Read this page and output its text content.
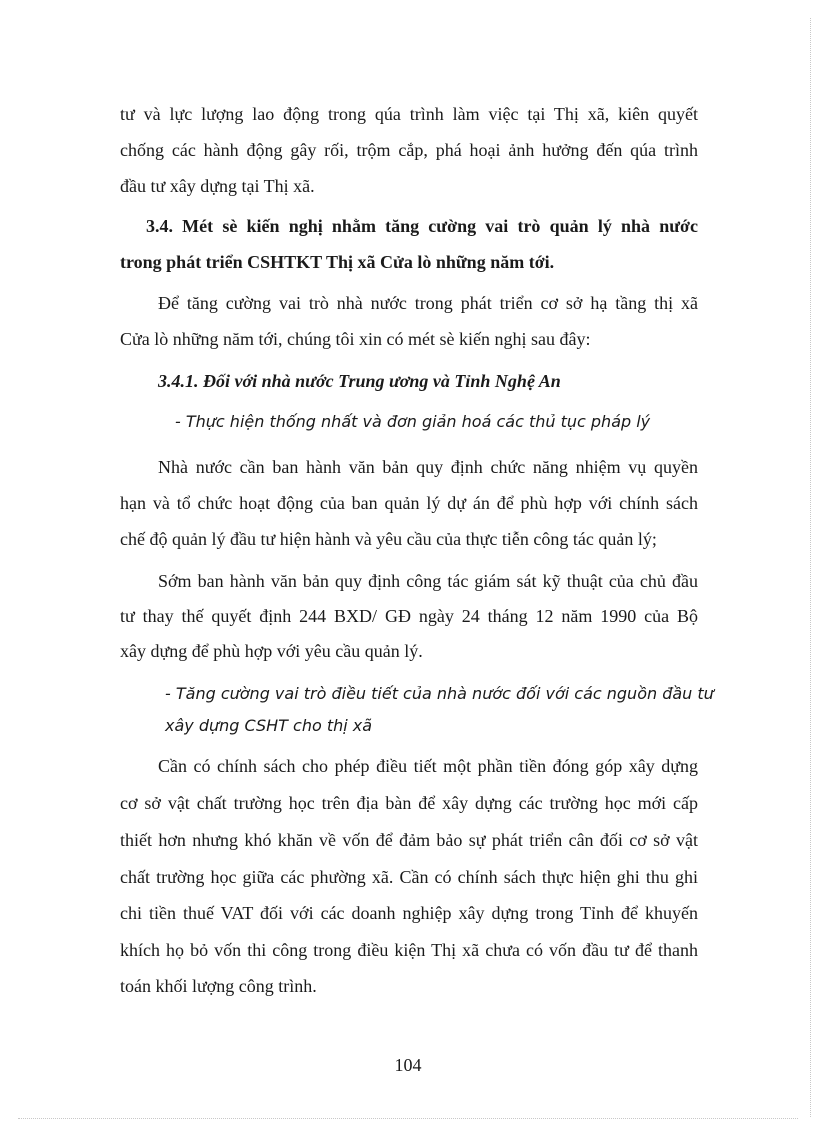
tư và lực lượng lao động trong qúa trình làm việc tại Thị xã, kiên quyết
chống các hành động gây rối, trộm cắp, phá hoại ảnh hưởng đến qúa trình
đầu tư xây dựng tại Thị xã.
3.4. Mét sè kiến nghị nhằm tăng cường vai trò quản lý nhà nước
trong phát triển CSHTKT Thị xã Cửa lò những năm tới.
Để tăng cường vai trò nhà nước trong phát triển cơ sở hạ tầng thị xã
Cửa lò những năm tới, chúng tôi xin có mét sè kiến nghị sau đây:
3.4.1. Đối với nhà nước Trung ương và Tỉnh Nghệ An
- Thực hiện thống nhất và đơn giản hoá các thủ tục pháp lý
Nhà nước cần ban hành văn bản quy định chức năng nhiệm vụ quyền
hạn và tổ chức hoạt động của ban quản lý dự án để phù hợp với chính sách
chế độ quản lý đầu tư hiện hành và yêu cầu của thực tiễn công tác quản lý;
Sớm ban hành văn bản quy định công tác giám sát kỹ thuật của chủ đầu
tư thay thế quyết định 244 BXD/ GĐ ngày 24 tháng 12 năm 1990 của Bộ
xây dựng để phù hợp với yêu cầu quản lý.
- Tăng cường vai trò điều tiết của nhà nước đối với các nguồn đầu tư
xây dựng CSHT cho thị xã
Cần có chính sách cho phép điều tiết một phần tiền đóng góp xây dựng
cơ sở vật chất trường học trên địa bàn để xây dựng các trường học mới cấp
thiết hơn nhưng khó khăn về vốn để đảm bảo sự phát triển cân đối cơ sở vật
chất trường học giữa các phường xã. Cần có chính sách thực hiện ghi thu ghi
chi tiền thuế VAT đối với các doanh nghiệp xây dựng trong Tỉnh để khuyến
khích họ bỏ vốn thi công trong điều kiện Thị xã chưa có vốn đầu tư để thanh
toán khối lượng công trình.
104
